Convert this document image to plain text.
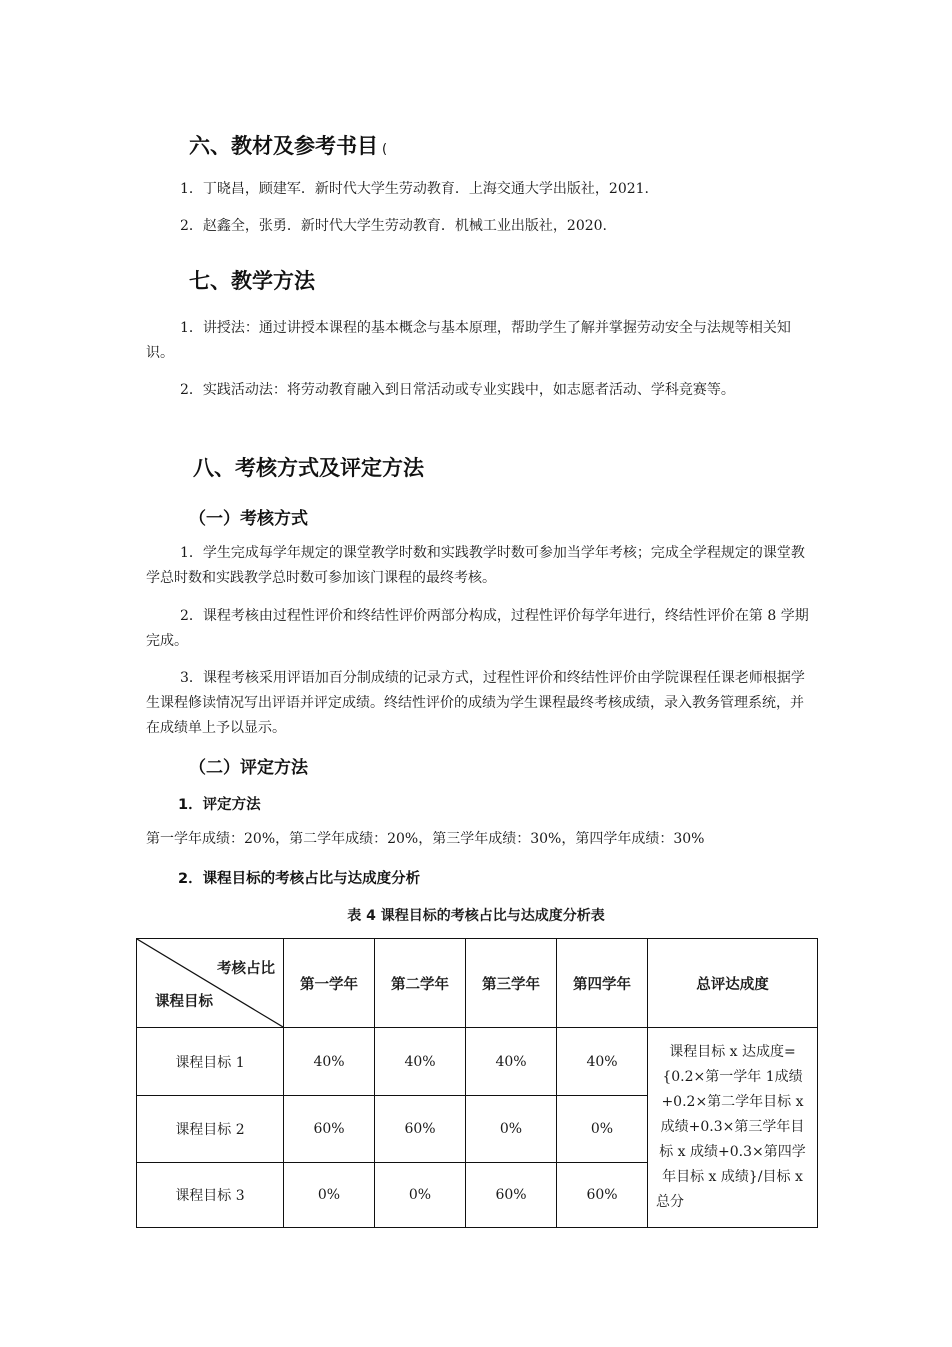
六、教材及参考书目 (

1．丁晓昌，顾建军．新时代大学生劳动教育．上海交通大学出版社，2021.

2．赵鑫全，张勇．新时代大学生劳动教育．机械工业出版社，2020.

七、教学方法

1．讲授法：通过讲授本课程的基本概念与基本原理，帮助学生了解并掌握劳动安全与法规等相关知识。

2．实践活动法：将劳动教育融入到日常活动或专业实践中，如志愿者活动、学科竞赛等。

八、考核方式及评定方法
（一）考核方式

1．学生完成每学年规定的课堂教学时数和实践教学时数可参加当学年考核；完成全学程规定的课堂教学总时数和实践教学总时数可参加该门课程的最终考核。

2．课程考核由过程性评价和终结性评价两部分构成，过程性评价每学年进行，终结性评价在第 8 学期完成。

3．课程考核采用评语加百分制成绩的记录方式，过程性评价和终结性评价由学院课程任课老师根据学生课程修读情况写出评语并评定成绩。终结性评价的成绩为学生课程最终考核成绩，录入教务管理系统，并在成绩单上予以显示。

（二）评定方法
1．评定方法

第一学年成绩：20%，第二学年成绩：20%，第三学年成绩：30%，第四学年成绩：30%

2．课程目标的考核占比与达成度分析
表 4 课程目标的考核占比与达成度分析表
考核占比
课程目标	第一学年	第二学年	第三学年	第四学年	总评达成度
课程目标 1	40%	40%	40%	40%	课程目标 x 达成度={0.2×第一学年 1成绩+0.2×第二学年目标 x 成绩+0.3×第三学年目标 x 成绩+0.3×第四学年目标 x 成绩}/目标 x 总分
课程目标 2	60%	60%	0%	0%	
课程目标 3	0%	0%	60%	60%	
